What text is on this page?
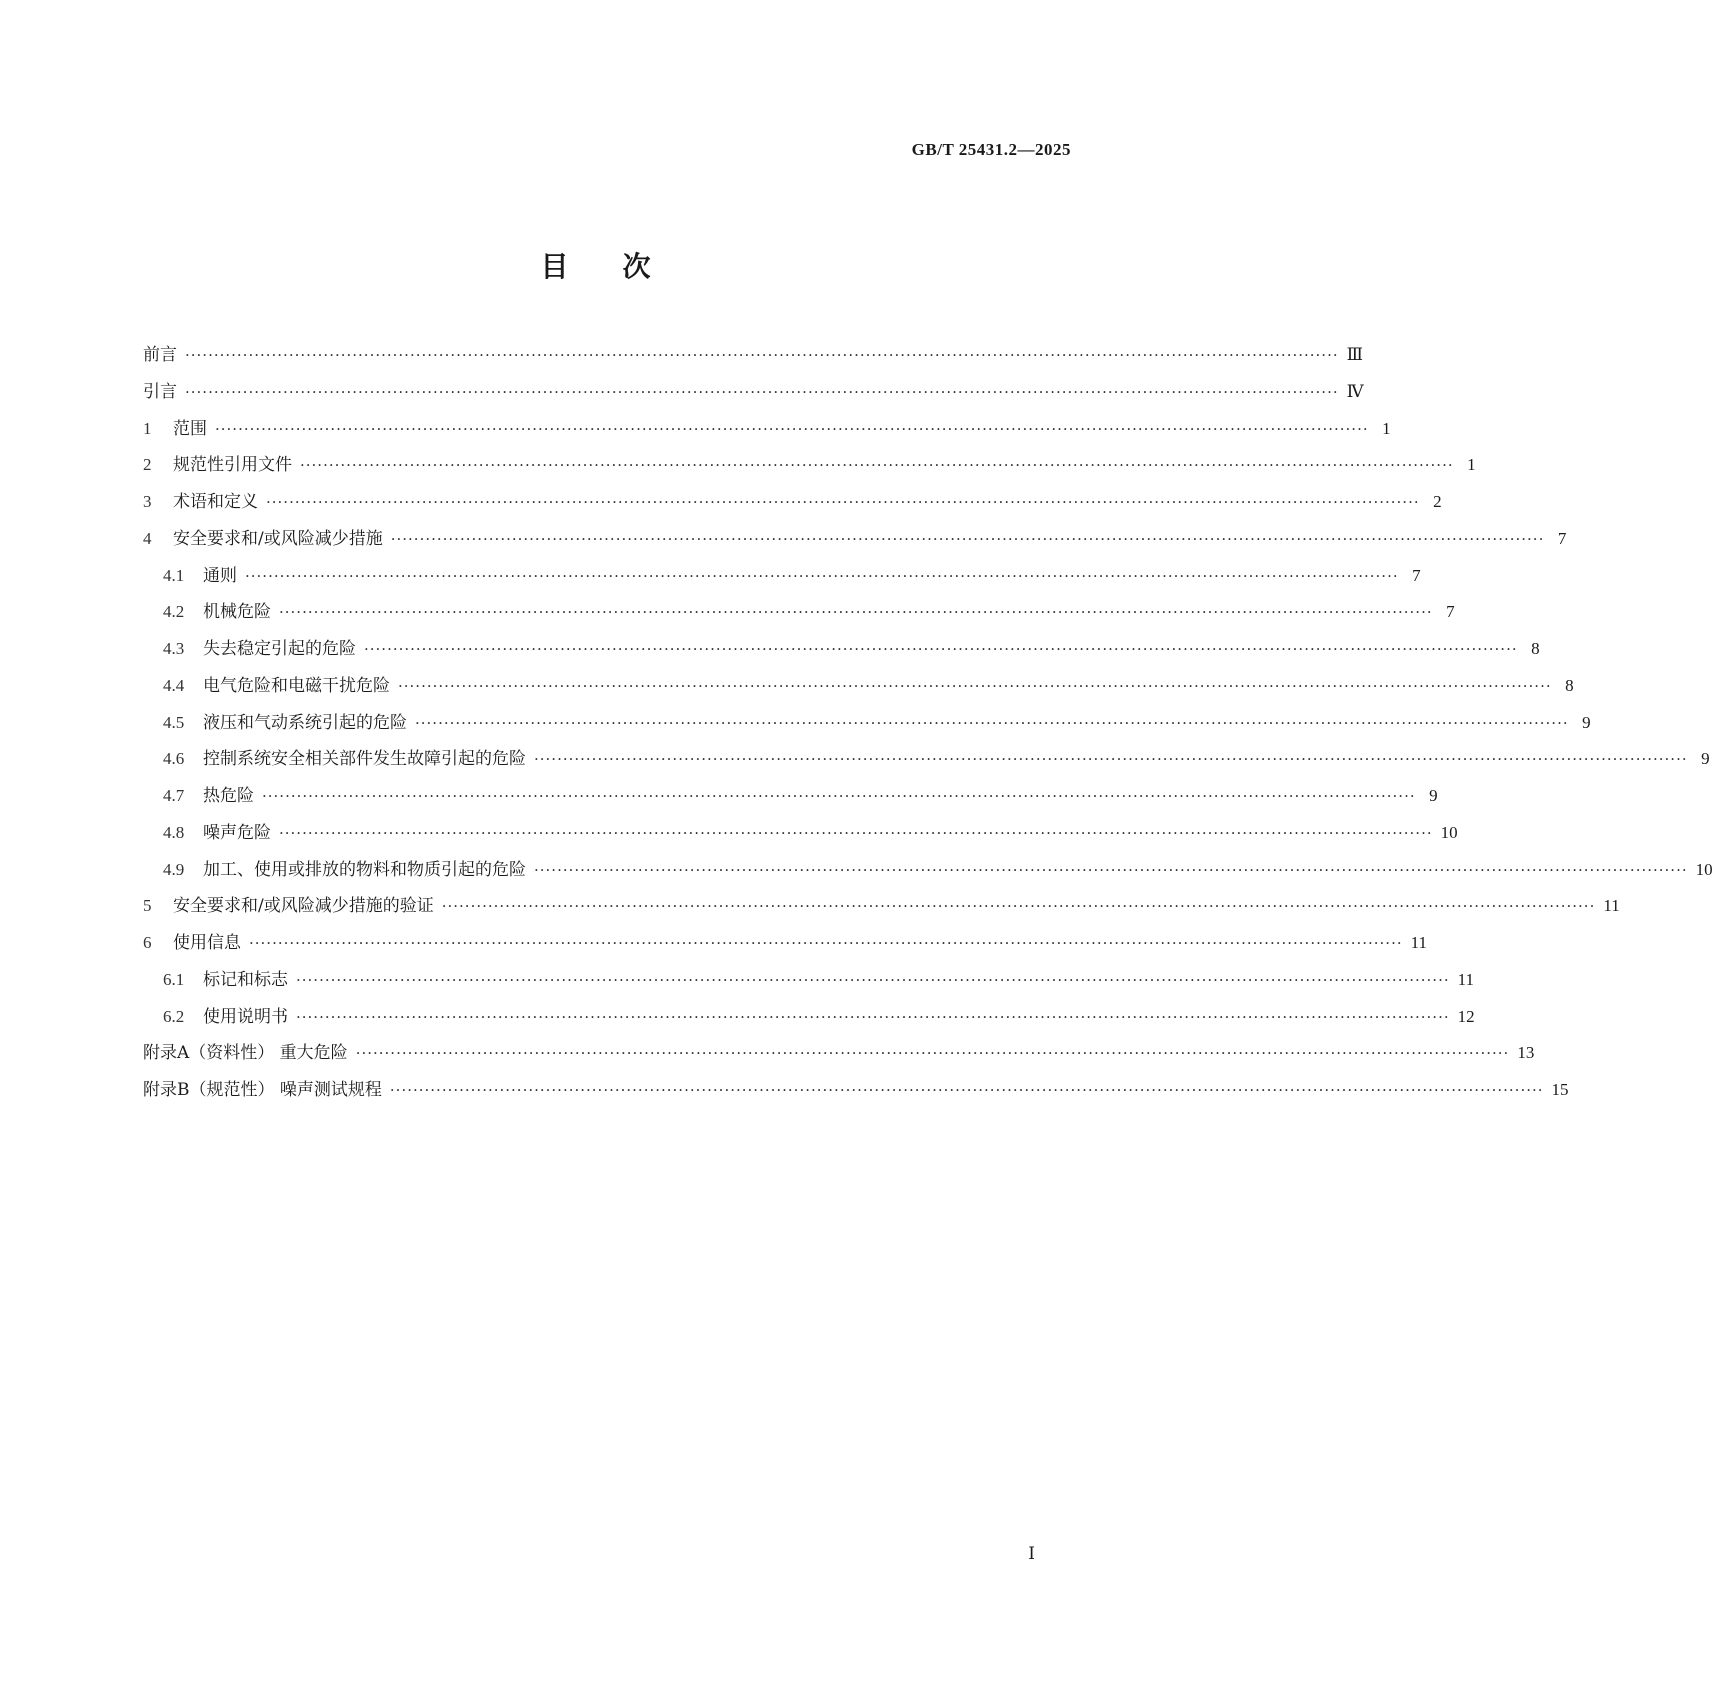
GB/T 25431.2—2025
目次
前言 ········································································································································································································ Ⅲ
引言 ········································································································································································································ Ⅳ
1 范围 ········································································································································································································ 1
2 规范性引用文件 ········································································································································································································ 1
3 术语和定义 ········································································································································································································ 2
4 安全要求和/或风险减少措施 ········································································································································································································ 7
4.1 通则 ········································································································································································································ 7
4.2 机械危险 ········································································································································································································ 7
4.3 失去稳定引起的危险 ········································································································································································································ 8
4.4 电气危险和电磁干扰危险 ········································································································································································································ 8
4.5 液压和气动系统引起的危险 ········································································································································································································ 9
4.6 控制系统安全相关部件发生故障引起的危险 ········································································································································································································ 9
4.7 热危险 ········································································································································································································ 9
4.8 噪声危险 ········································································································································································································ 10
4.9 加工、使用或排放的物料和物质引起的危险 ········································································································································································································ 10
5 安全要求和/或风险减少措施的验证 ········································································································································································································ 11
6 使用信息 ········································································································································································································ 11
6.1 标记和标志 ········································································································································································································ 11
6.2 使用说明书 ········································································································································································································ 12
附录A（资料性） 重大危险 ········································································································································································································ 13
附录B（规范性） 噪声测试规程 ········································································································································································································ 15
Ⅰ
